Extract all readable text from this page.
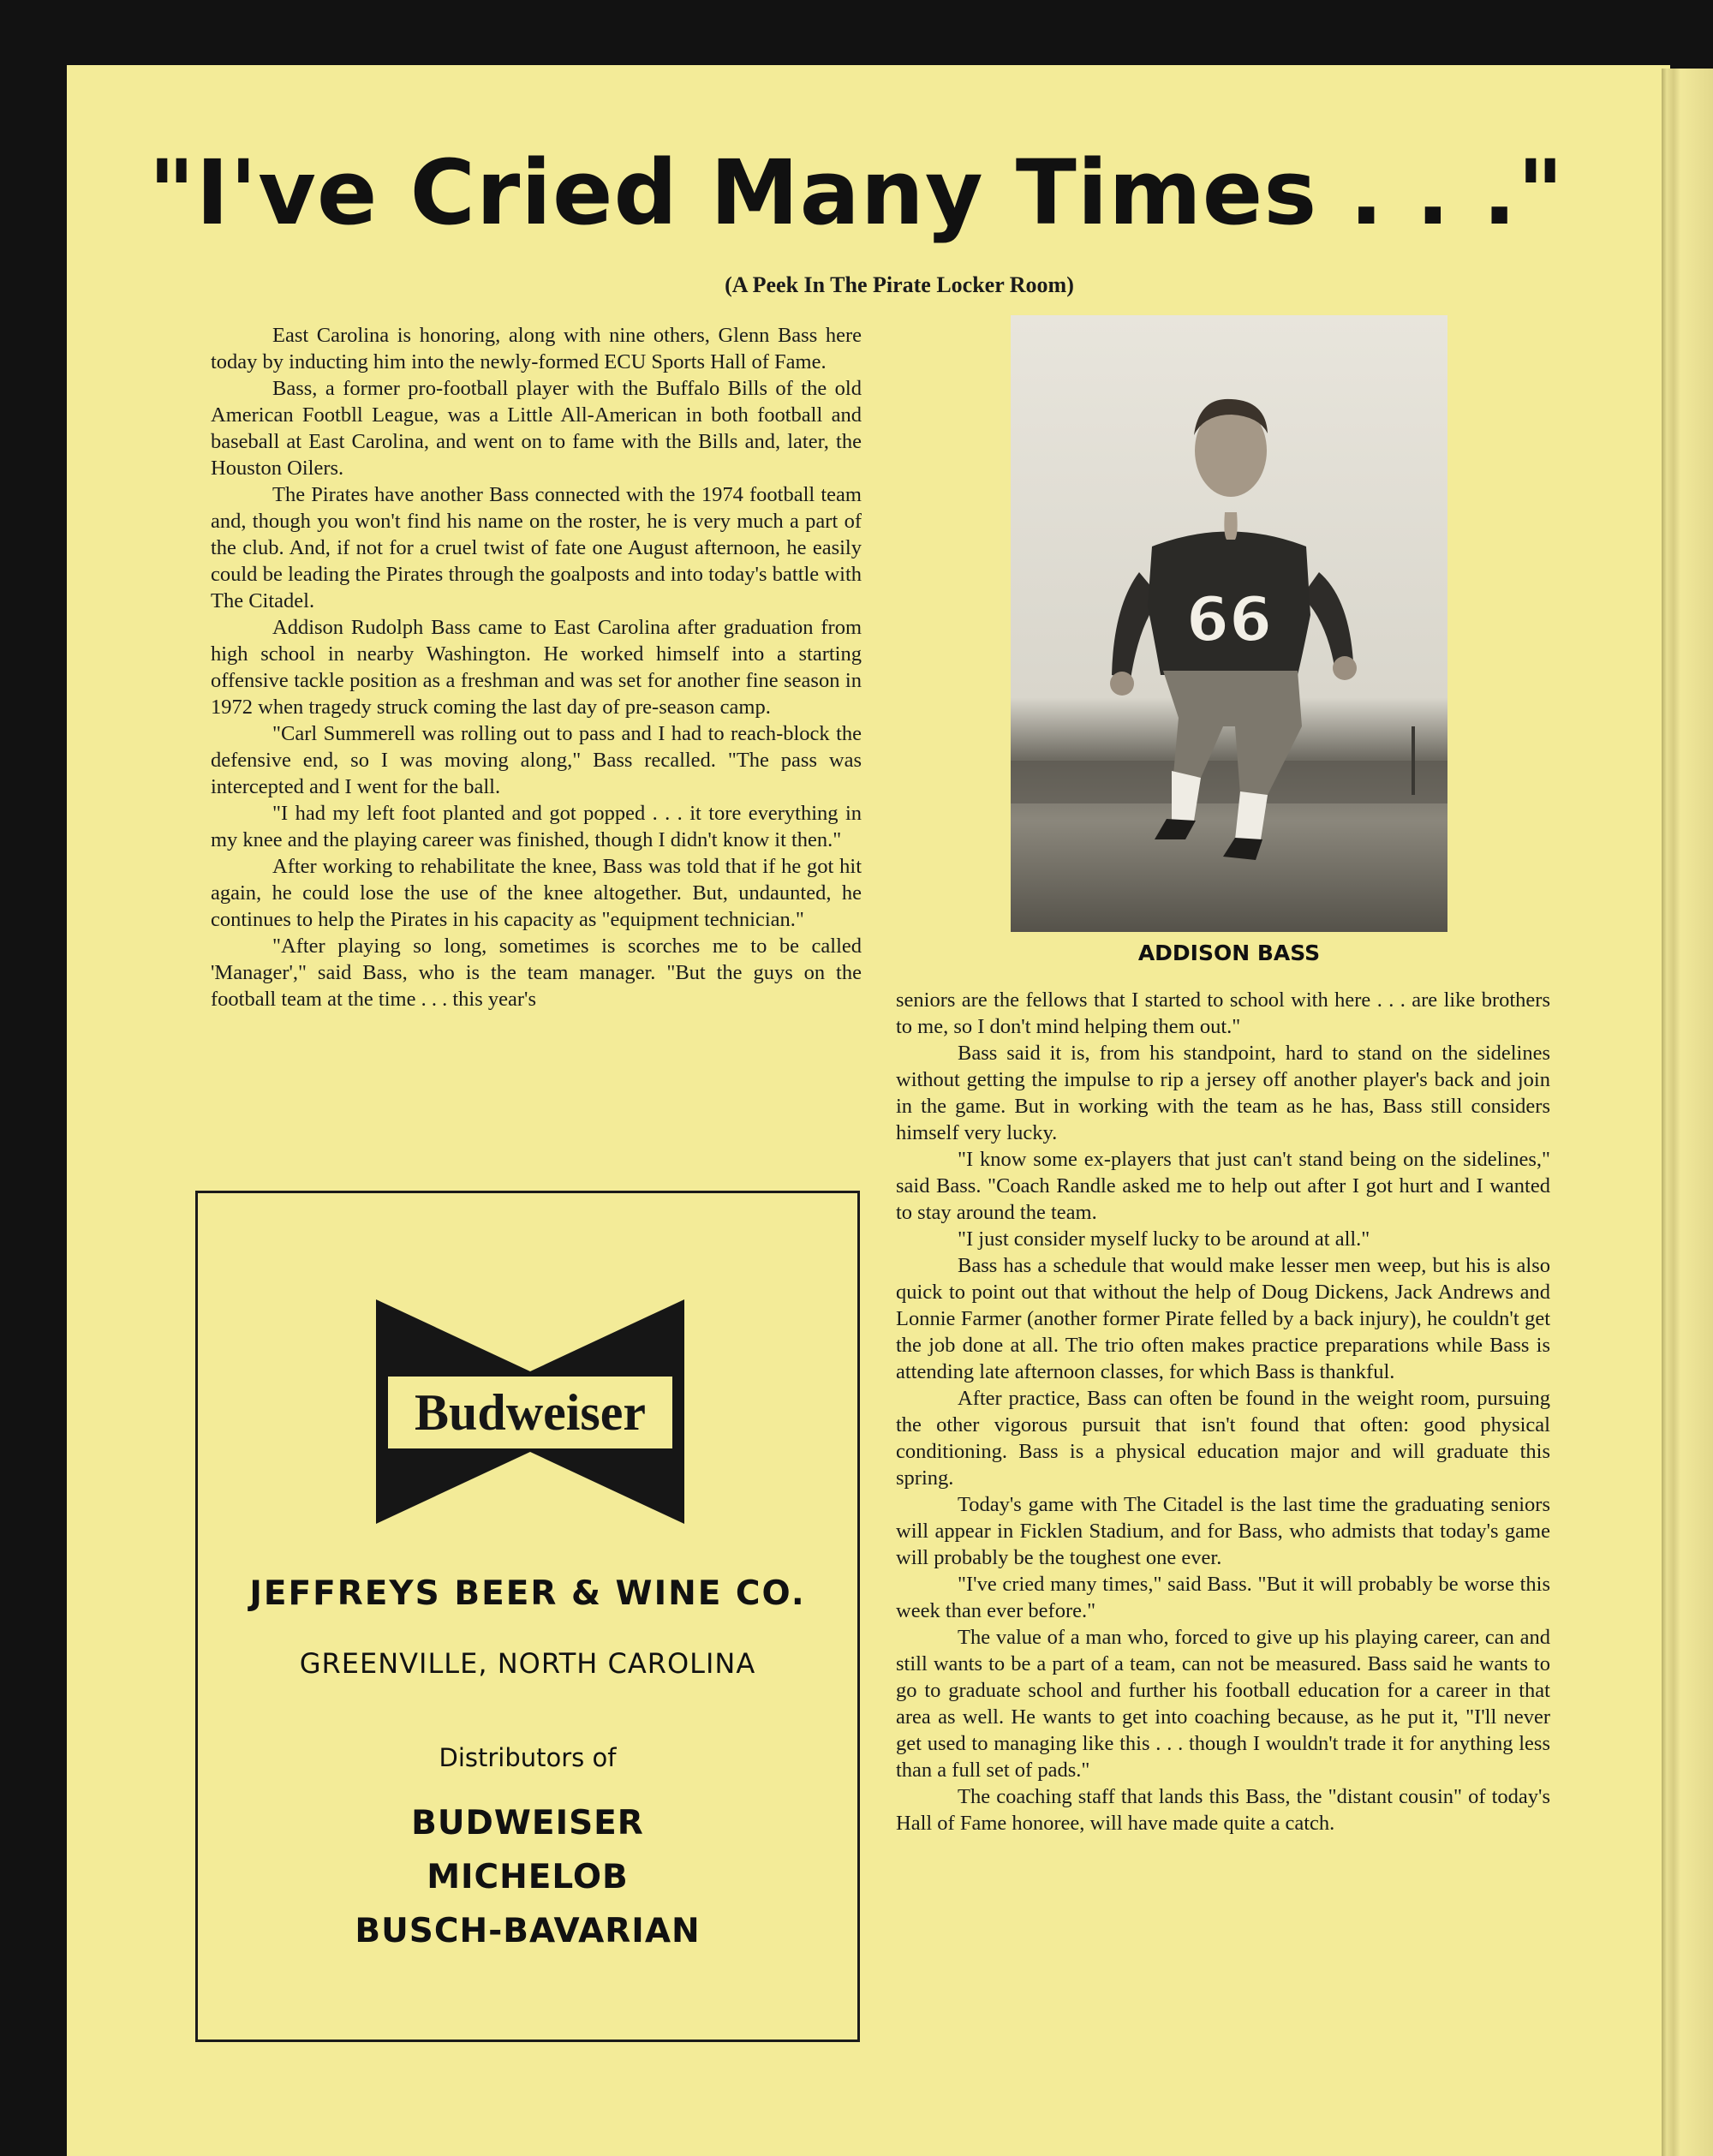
"I've Cried Many Times . . ."

(A Peek In The Pirate Locker Room)

East Carolina is honoring, along with nine others, Glenn Bass here today by inducting him into the newly-formed ECU Sports Hall of Fame.

Bass, a former pro-football player with the Buffalo Bills of the old American Footbll League, was a Little All-American in both football and baseball at East Carolina, and went on to fame with the Bills and, later, the Houston Oilers.

The Pirates have another Bass connected with the 1974 football team and, though you won't find his name on the roster, he is very much a part of the club. And, if not for a cruel twist of fate one August afternoon, he easily could be leading the Pirates through the goalposts and into today's battle with The Citadel.

Addison Rudolph Bass came to East Carolina after graduation from high school in nearby Washington. He worked himself into a starting offensive tackle position as a freshman and was set for another fine season in 1972 when tragedy struck coming the last day of pre-season camp.

"Carl Summerell was rolling out to pass and I had to reach-block the defensive end, so I was moving along," Bass recalled. "The pass was intercepted and I went for the ball.

"I had my left foot planted and got popped . . . it tore everything in my knee and the playing career was finished, though I didn't know it then."

After working to rehabilitate the knee, Bass was told that if he got hit again, he could lose the use of the knee altogether. But, undaunted, he continues to help the Pirates in his capacity as "equipment technician."

"After playing so long, sometimes is scorches me to be called 'Manager'," said Bass, who is the team manager. "But the guys on the football team at the time . . . this year's

66

ADDISON BASS

seniors are the fellows that I started to school with here . . . are like brothers to me, so I don't mind helping them out."

Bass said it is, from his standpoint, hard to stand on the sidelines without getting the impulse to rip a jersey off another player's back and join in the game. But in working with the team as he has, Bass still considers himself very lucky.

"I know some ex-players that just can't stand being on the sidelines," said Bass. "Coach Randle asked me to help out after I got hurt and I wanted to stay around the team.

"I just consider myself lucky to be around at all."

Bass has a schedule that would make lesser men weep, but his is also quick to point out that without the help of Doug Dickens, Jack Andrews and Lonnie Farmer (another former Pirate felled by a back injury), he couldn't get the job done at all. The trio often makes practice preparations while Bass is attending late afternoon classes, for which Bass is thankful.

After practice, Bass can often be found in the weight room, pursuing the other vigorous pursuit that isn't found that often: good physical conditioning. Bass is a physical education major and will graduate this spring.

Today's game with The Citadel is the last time the graduating seniors will appear in Ficklen Stadium, and for Bass, who admists that today's game will probably be the toughest one ever.

"I've cried many times," said Bass. "But it will probably be worse this week than ever before."

The value of a man who, forced to give up his playing career, can and still wants to be a part of a team, can not be measured. Bass said he wants to go to graduate school and further his football education for a career in that area as well. He wants to get into coaching because, as he put it, "I'll never get used to managing like this . . . though I wouldn't trade it for anything less than a full set of pads."

The coaching staff that lands this Bass, the "distant cousin" of today's Hall of Fame honoree, will have made quite a catch.

Budweiser

JEFFREYS BEER & WINE CO.

GREENVILLE, NORTH CAROLINA

Distributors of

BUDWEISER

MICHELOB

BUSCH-BAVARIAN
